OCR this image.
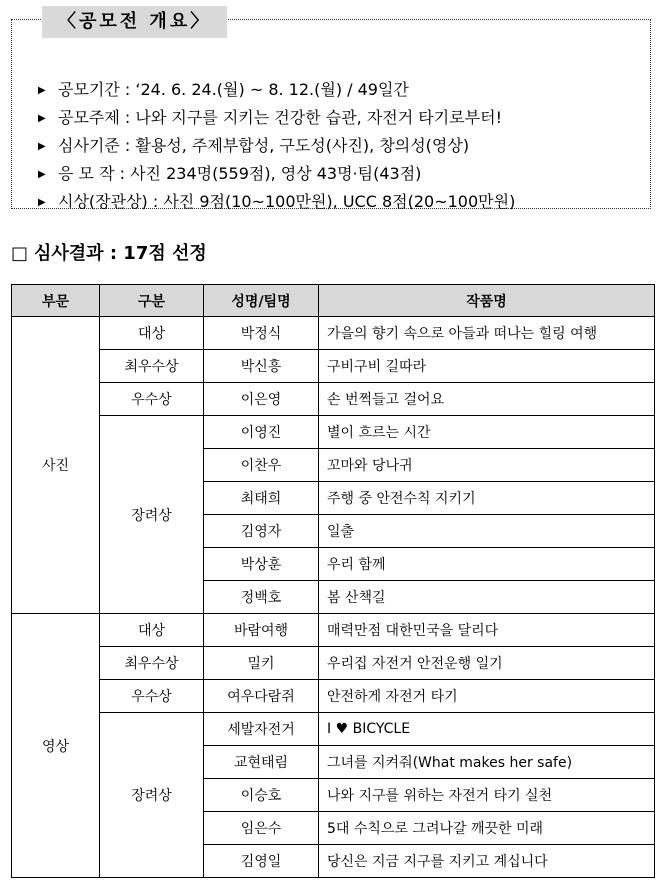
▶ 공모기간 : ‘24. 6. 24.(월) ~ 8. 12.(월) / 49일간
▶ 공모주제 : 나와 지구를 지키는 건강한 습관, 자전거 타기로부터!
▶ 심사기준 : 활용성, 주제부합성, 구도성(사진), 창의성(영상)
▶ 응 모 작 : 사진 234명(559점), 영상 43명·팀(43점)
▶ 시상(장관상) : 사진 9점(10~100만원), UCC 8점(20~100만원)
〈공모전 개요〉
□ 심사결과 : 17점 선정
부문	구분	성명/팀명	작품명
사진	대상	박정식	가을의 향기 속으로 아들과 떠나는 힐링 여행
	최우수상	박신흥	구비구비 길따라
	우수상	이은영	손 번쩍들고 걸어요
	장려상	이영진	별이 흐르는 시간
		이찬우	꼬마와 당나귀
		최태희	주행 중 안전수칙 지키기
		김영자	일출
		박상훈	우리 함께
		정백호	봄 산책길
영상	대상	바람여행	매력만점 대한민국을 달리다
	최우수상	밀키	우리집 자전거 안전운행 일기
	우수상	여우다람쥐	안전하게 자전거 타기
	장려상	세발자전거	I ♥ BICYCLE
		교현태림	그녀를 지켜줘(What makes her safe)
		이승호	나와 지구를 위하는 자전거 타기 실천
		임은수	5대 수칙으로 그려나갈 깨끗한 미래
		김영일	당신은 지금 지구를 지키고 계십니다
